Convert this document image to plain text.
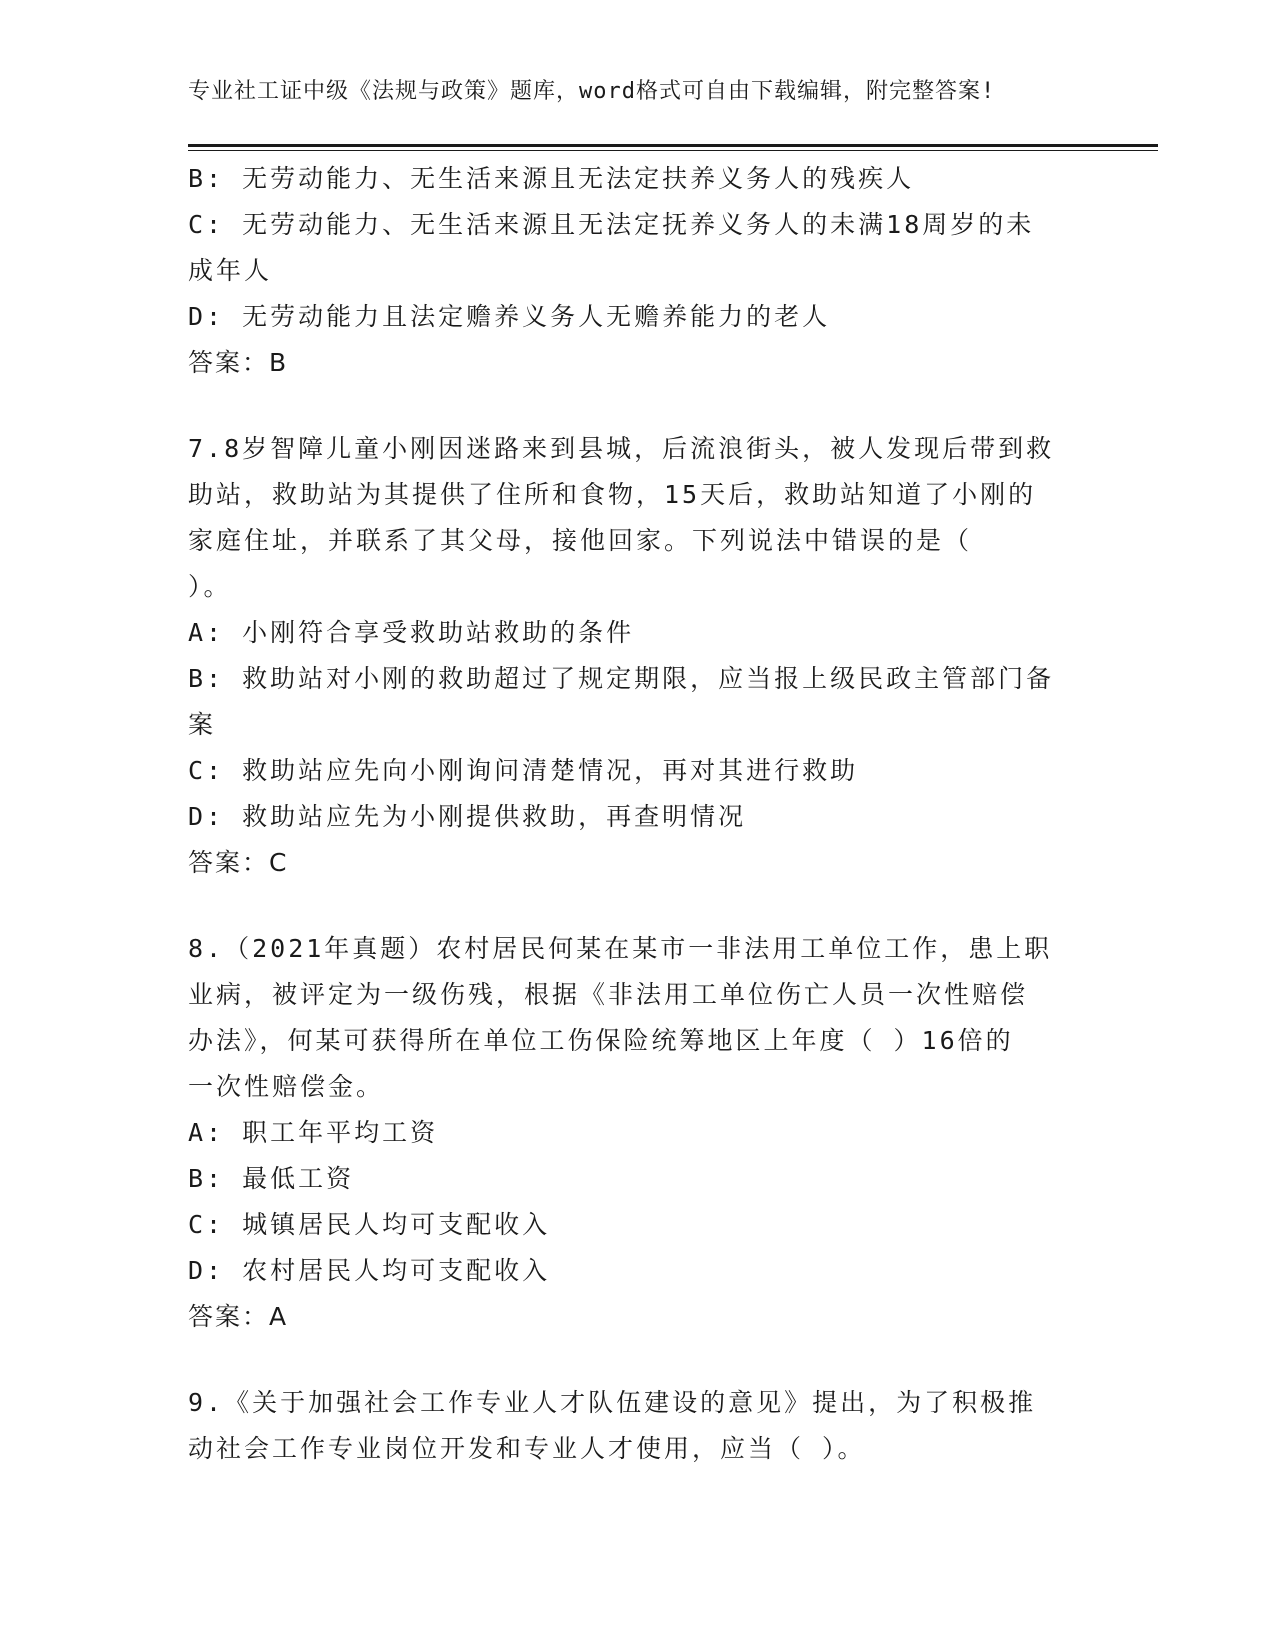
专业社工证中级《法规与政策》题库，word格式可自由下载编辑，附完整答案!
B: 无劳动能力、无生活来源且无法定扶养义务人的残疾人
C: 无劳动能力、无生活来源且无法定抚养义务人的未满18周岁的未
成年人
D: 无劳动能力且法定赡养义务人无赡养能力的老人
答案：B
7.8岁智障儿童小刚因迷路来到县城，后流浪街头，被人发现后带到救
助站，救助站为其提供了住所和食物，15天后，救助站知道了小刚的
家庭住址，并联系了其父母，接他回家。下列说法中错误的是（
）。
A: 小刚符合享受救助站救助的条件
B: 救助站对小刚的救助超过了规定期限，应当报上级民政主管部门备
案
C: 救助站应先向小刚询问清楚情况，再对其进行救助
D: 救助站应先为小刚提供救助，再查明情况
答案：C
8.（2021年真题）农村居民何某在某市一非法用工单位工作，患上职
业病，被评定为一级伤残，根据《非法用工单位伤亡人员一次性赔偿
办法》，何某可获得所在单位工伤保险统筹地区上年度（ ）16倍的
一次性赔偿金。
A: 职工年平均工资
B: 最低工资
C: 城镇居民人均可支配收入
D: 农村居民人均可支配收入
答案：A
9.《关于加强社会工作专业人才队伍建设的意见》提出，为了积极推
动社会工作专业岗位开发和专业人才使用，应当（ ）。
